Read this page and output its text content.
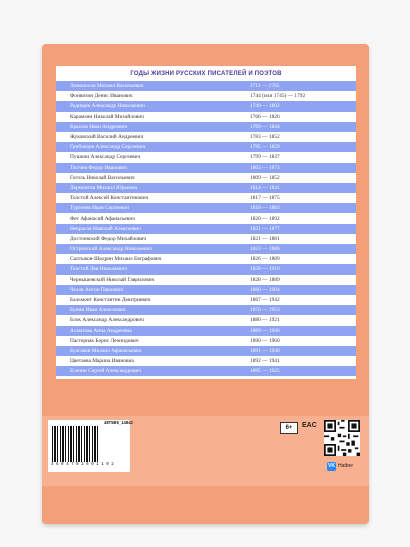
ГОДЫ ЖИЗНИ РУССКИХ ПИСАТЕЛЕЙ И ПОЭТОВ
Ломоносов Михаил Васильевич	1711 — 1765
Фонвизин Денис Иванович	1744 (или 1745) — 1792
Радищев Александр Николаевич	1749 — 1802
Карамзин Николай Михайлович	1766 — 1826
Крылов Иван Андреевич	1769 — 1844
Жуковский Василий Андреевич	1783 — 1852
Грибоедов Александр Сергеевич	1795 — 1829
Пушкин Александр Сергеевич	1799 — 1837
Тютчев Федор Иванович	1803 — 1873
Гоголь Николай Васильевич	1809 — 1852
Лермонтов Михаил Юрьевич	1814 — 1841
Толстой Алексей Константинович	1817 — 1875
Тургенев Иван Сергеевич	1818 — 1883
Фет Афанасий Афанасьевич	1820 — 1892
Некрасов Николай Алексеевич	1821 — 1877
Достоевский Федор Михайлович	1821 — 1881
Островский Александр Николаевич	1823 — 1886
Салтыков-Щедрин Михаил Евграфович	1826 — 1889
Толстой Лев Николаевич	1828 — 1910
Чернышевский Николай Гаврилович	1828 — 1889
Чехов Антон Павлович	1860 — 1904
Бальмонт Константин Дмитриевич	1867 — 1942
Бунин Иван Алексеевич	1870 — 1953
Блок Александр Александрович	1880 — 1921
Ахматова Анна Андреевна	1889 — 1966
Пастернак Борис Леонидович	1890 — 1960
Булгаков Михаил Афанасьевич	1891 — 1940
Цветаева Марина Ивановна	1892 — 1941
Есенин Сергей Александрович	1895 — 1925
4 6 0 4 7 8 2 6 0 1 1 0 2
48Т5В5_14842
6+	EAC
VK Hatber
